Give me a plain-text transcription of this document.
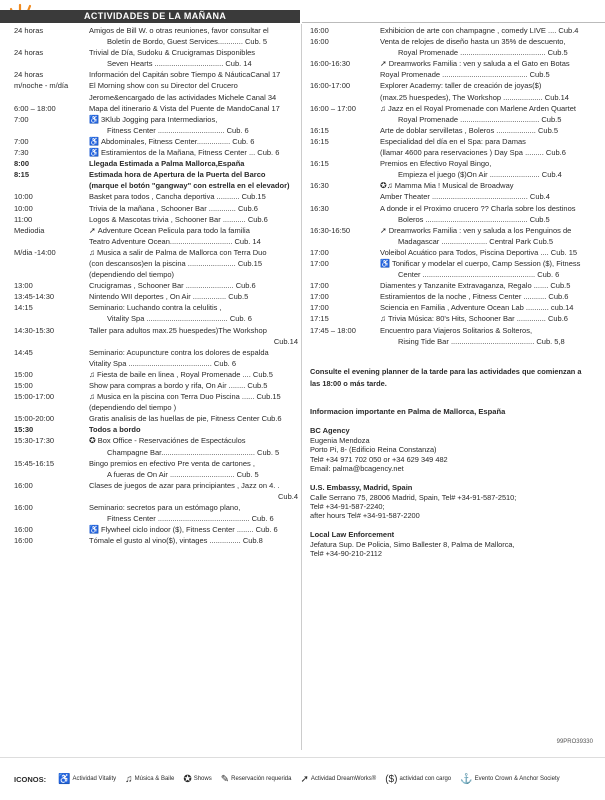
ACTIVIDADES DE LA MAÑANA
24 horas	Amigos de Bill W. o otras reuniones, favor consultar el
Boletín de Bordo, Guest Services............ Cub. 5
24 horas	Trivial de Día, Sudoku & Crucigramas Disponibles
Seven Hearts ................................. Cub. 14
24 horas	Información del Capitán sobre Tiempo & NáuticaCanal 17
m/noche - m/día	El Morning show con su Director del Crucero
Jerome&encargado de las actividades Michele Canal 34
6:00 – 18:00	Mapa del itinerario & Vista del Puente de MandoCanal 17
7:00	♿ 3Klub Jogging para Intermediarios,
Fitness Center ................................ Cub. 6
7:00	♿ Abdominales, Fitness Center................ Cub. 6
7:30	♿ Estiramientos de la Mañana, Fitness Center ... Cub. 6
8:00	Llegada Estimada a Palma Mallorca,España
8:15	Estimada hora de Apertura de la Puerta del Barco
(marque el botón "gangway" con estrella en el elevador)
10:00	Basket para todos , Cancha deportiva ........... Cub.15
10:00	Trivia de la mañana , Schooner Bar ............. Cub.6
11:00	Logos & Mascotas trivia , Schooner Bar ........... Cub.6
Mediodia	➚ Adventure Ocean Pelicula para todo la familia
Teatro Adventure Ocean.............................. Cub. 14
M/dia -14:00	♫ Musica a salir de Palma de Mallorca con Terra Duo
(con descansos)en la piscina ....................... Cub.15
(dependiendo del tiempo)
13:00	Crucigramas , Schooner Bar ....................... Cub.6
13:45-14:30	Nintendo WII deportes , On Air ................ Cub.5
14:15	Seminario: Luchando contra la celulitis ,
Vitality Spa ....................................... Cub. 6
14:30-15:30	Taller para adultos max.25 huespedes)The Workshop
Cub.14
14:45	Seminario: Acupuncture contra los dolores de espalda
Vitality Spa ........................................ Cub. 6
15:00	♫ Fiesta de baile en linea , Royal Promenade .... Cub.5
15:00	Show para compras a bordo y rifa, On Air ........ Cub.5
15:00-17:00	♫ Musica en la piscina con Terra Duo Piscina ...... Cub.15
(dependiendo del tiempo )
15:00-20:00	Gratis analisis de las huellas de pie, Fitness Center Cub.6
15:30	Todos a bordo
15:30-17:30	✪ Box Office - Reservaciónes de Espectáculos
Champagne Bar............................................. Cub. 5
15:45-16:15	Bingo premios en efectivo Pre venta de cartones ,
A fueras de On Air ............................... Cub. 5
16:00	Clases de juegos de azar para principiantes , Jazz on 4. .
Cub.4
16:00	Seminario: secretos para un estómago plano,
Fitness Center ............................................ Cub. 6
16:00	♿ Flywheel ciclo indoor ($), Fitness Center ........ Cub. 6
16:00	Tómale el gusto al vino($), vintages ............... Cub.8
16:00	Exhibicion de arte con champagne , comedy LIVE .... Cub.4
16:00	Venta de relojes de diseño hasta un 35% de descuento,
Royal Promenade ......................................... Cub.5
16:00-16:30	➚ Dreamworks Familia : ven y saluda a el Gato en Botas
Royal Promenade ......................................... Cub.5
16:00-17:00	Explorer Academy: taller de creación de joyas($)
(max.25 huespedes), The Workshop ................... Cub.14
16:00 – 17:00	♫ Jazz en el Royal Promenade con Marlene Arden Quartet
Royal Promenade ...................................... Cub.5
16:15	Arte de doblar servilletas , Boleros ................... Cub.5
16:15	Especialidad del día en el Spa: para Damas
(llamar 4600 para reservaciones ) Day Spa ......... Cub.6
16:15	Premios en Efectivo Royal Bingo,
Empieza el juego ($)On Air ........................ Cub.4
16:30	✪♫ Mamma Mia ! Musical de Broadway
Amber Theater .............................................. Cub.4
16:30	A donde ir el Proximo crucero ?? Charla sobre los destinos
Boleros ................................................. Cub.5
16:30-16:50	➚ Dreamworks Familia : ven y saluda a los Penguinos de
Madagascar ...................... Central Park Cub.5
17:00	Voleibol Acuático para Todos, Piscina Deportiva .... Cub. 15
17:00	♿ Tonificar y modelar el cuerpo, Camp Session ($), Fitness
Center ...................................................... Cub. 6
17:00	Diamentes y Tanzanite Extravaganza, Regalo ....... Cub.5
17:00	Estiramientos de la noche , Fitness Center ........... Cub.6
17:00	Sciencia en Familia , Adventure Ocean Lab ........... cub.14
17:15	♫ Trivia Música: 80's Hits, Schooner Bar .............. Cub.6
17:45 – 18:00	Encuentro para Viajeros Solitarios & Solteros,
Rising Tide Bar ........................................ Cub. 5,8
Consulte el evening planner de la tarde para las actividades que comienzan a las 18:00 o más tarde.
Informacion importante en Palma de Mallorca, España
BC Agency
Eugenia Mendoza
Porto Pi, 8- (Edificio Reina Constanza)
Tel# +34 971 702 050 or +34 629 349 482
Email: palma@bcagency.net
U.S. Embassy, Madrid, Spain
Calle Serrano 75, 28006 Madrid, Spain, Tel# +34-91-587-2510;
Tel# +34-91-587-2240;
after hours Tel# +34-91-587-2200
Local Law Enforcement
Jefatura Sup. De Policia, Simo Ballester 8, Palma de Mallorca,
Tel# +34-90-210-2112
99PRO39330
ICONOS: ♿ Actividad Vitality ♫ Música & Baile ✪ Shows ✎ Reservación requerida ➚ Actividad DreamWorks® ($) actividad con cargo ⚓ Evento Crown & Anchor Society
